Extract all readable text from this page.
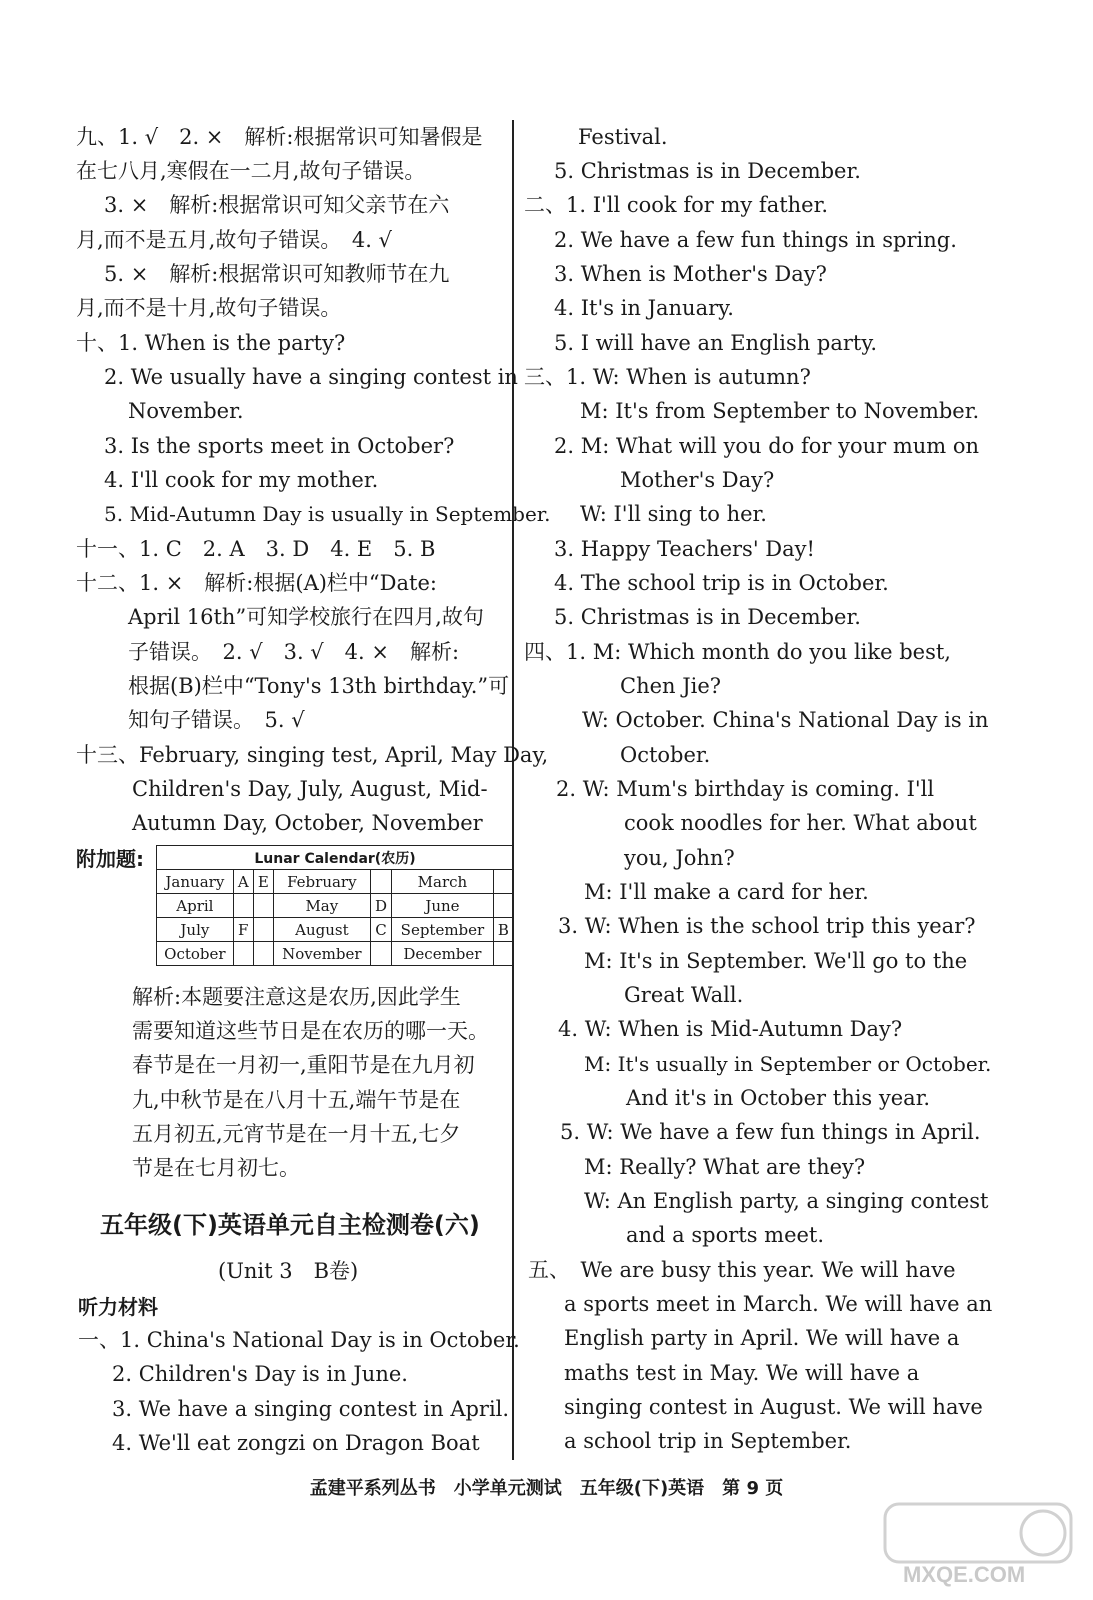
九、1. √　2. ×　解析:根据常识可知暑假是
在七八月,寒假在一二月,故句子错误。
3. ×　解析:根据常识可知父亲节在六
月,而不是五月,故句子错误。　4. √
5. ×　解析:根据常识可知教师节在九
月,而不是十月,故句子错误。
十、1. When is the party?
2. We usually have a singing contest in
November.
3. Is the sports meet in October?
4. I'll cook for my mother.
5. Mid-Autumn Day is usually in September.
十一、1. C　2. A　3. D　4. E　5. B
十二、1. ×　解析:根据(A)栏中“Date:
April 16th”可知学校旅行在四月,故句
子错误。　2. √　3. √　4. ×　解析:
根据(B)栏中“Tony's 13th birthday.”可
知句子错误。　5. √
十三、February, singing test, April, May Day,
Children's Day, July, August, Mid-
Autumn Day, October, November
附加题:	Lunar Calendar(农历)						
January	A	E	February		March	
April			May	D	June	
July	F		August	C	September	B
October			November		December	
解析:本题要注意这是农历,因此学生
需要知道这些节日是在农历的哪一天。
春节是在一月初一,重阳节是在九月初
九,中秋节是在八月十五,端午节是在
五月初五,元宵节是在一月十五,七夕
节是在七月初七。
五年级(下)英语单元自主检测卷(六)
(Unit 3　B卷)
听力材料
一、1. China's National Day is in October.
2. Children's Day is in June.
3. We have a singing contest in April.
4. We'll eat zongzi on Dragon Boat
Festival.
5. Christmas is in December.
二、1. I'll cook for my father.
2. We have a few fun things in spring.
3. When is Mother's Day?
4. It's in January.
5. I will have an English party.
三、1. W: When is autumn?
M: It's from September to November.
2. M: What will you do for your mum on
Mother's Day?
W: I'll sing to her.
3. Happy Teachers' Day!
4. The school trip is in October.
5. Christmas is in December.
四、1. M: Which month do you like best,
Chen Jie?
W: October. China's National Day is in
October.
2. W: Mum's birthday is coming. I'll
cook noodles for her. What about
you, John?
M: I'll make a card for her.
3. W: When is the school trip this year?
M: It's in September. We'll go to the
Great Wall.
4. W: When is Mid-Autumn Day?
M: It's usually in September or October.
And it's in October this year.
5. W: We have a few fun things in April.
M: Really? What are they?
W: An English party, a singing contest
and a sports meet.
五、　We are busy this year. We will have
a sports meet in March. We will have an
English party in April. We will have a
maths test in May. We will have a
singing contest in August. We will have
a school trip in September.
孟建平系列丛书　小学单元测试　五年级(下)英语　第 9 页
MXQE.COM
